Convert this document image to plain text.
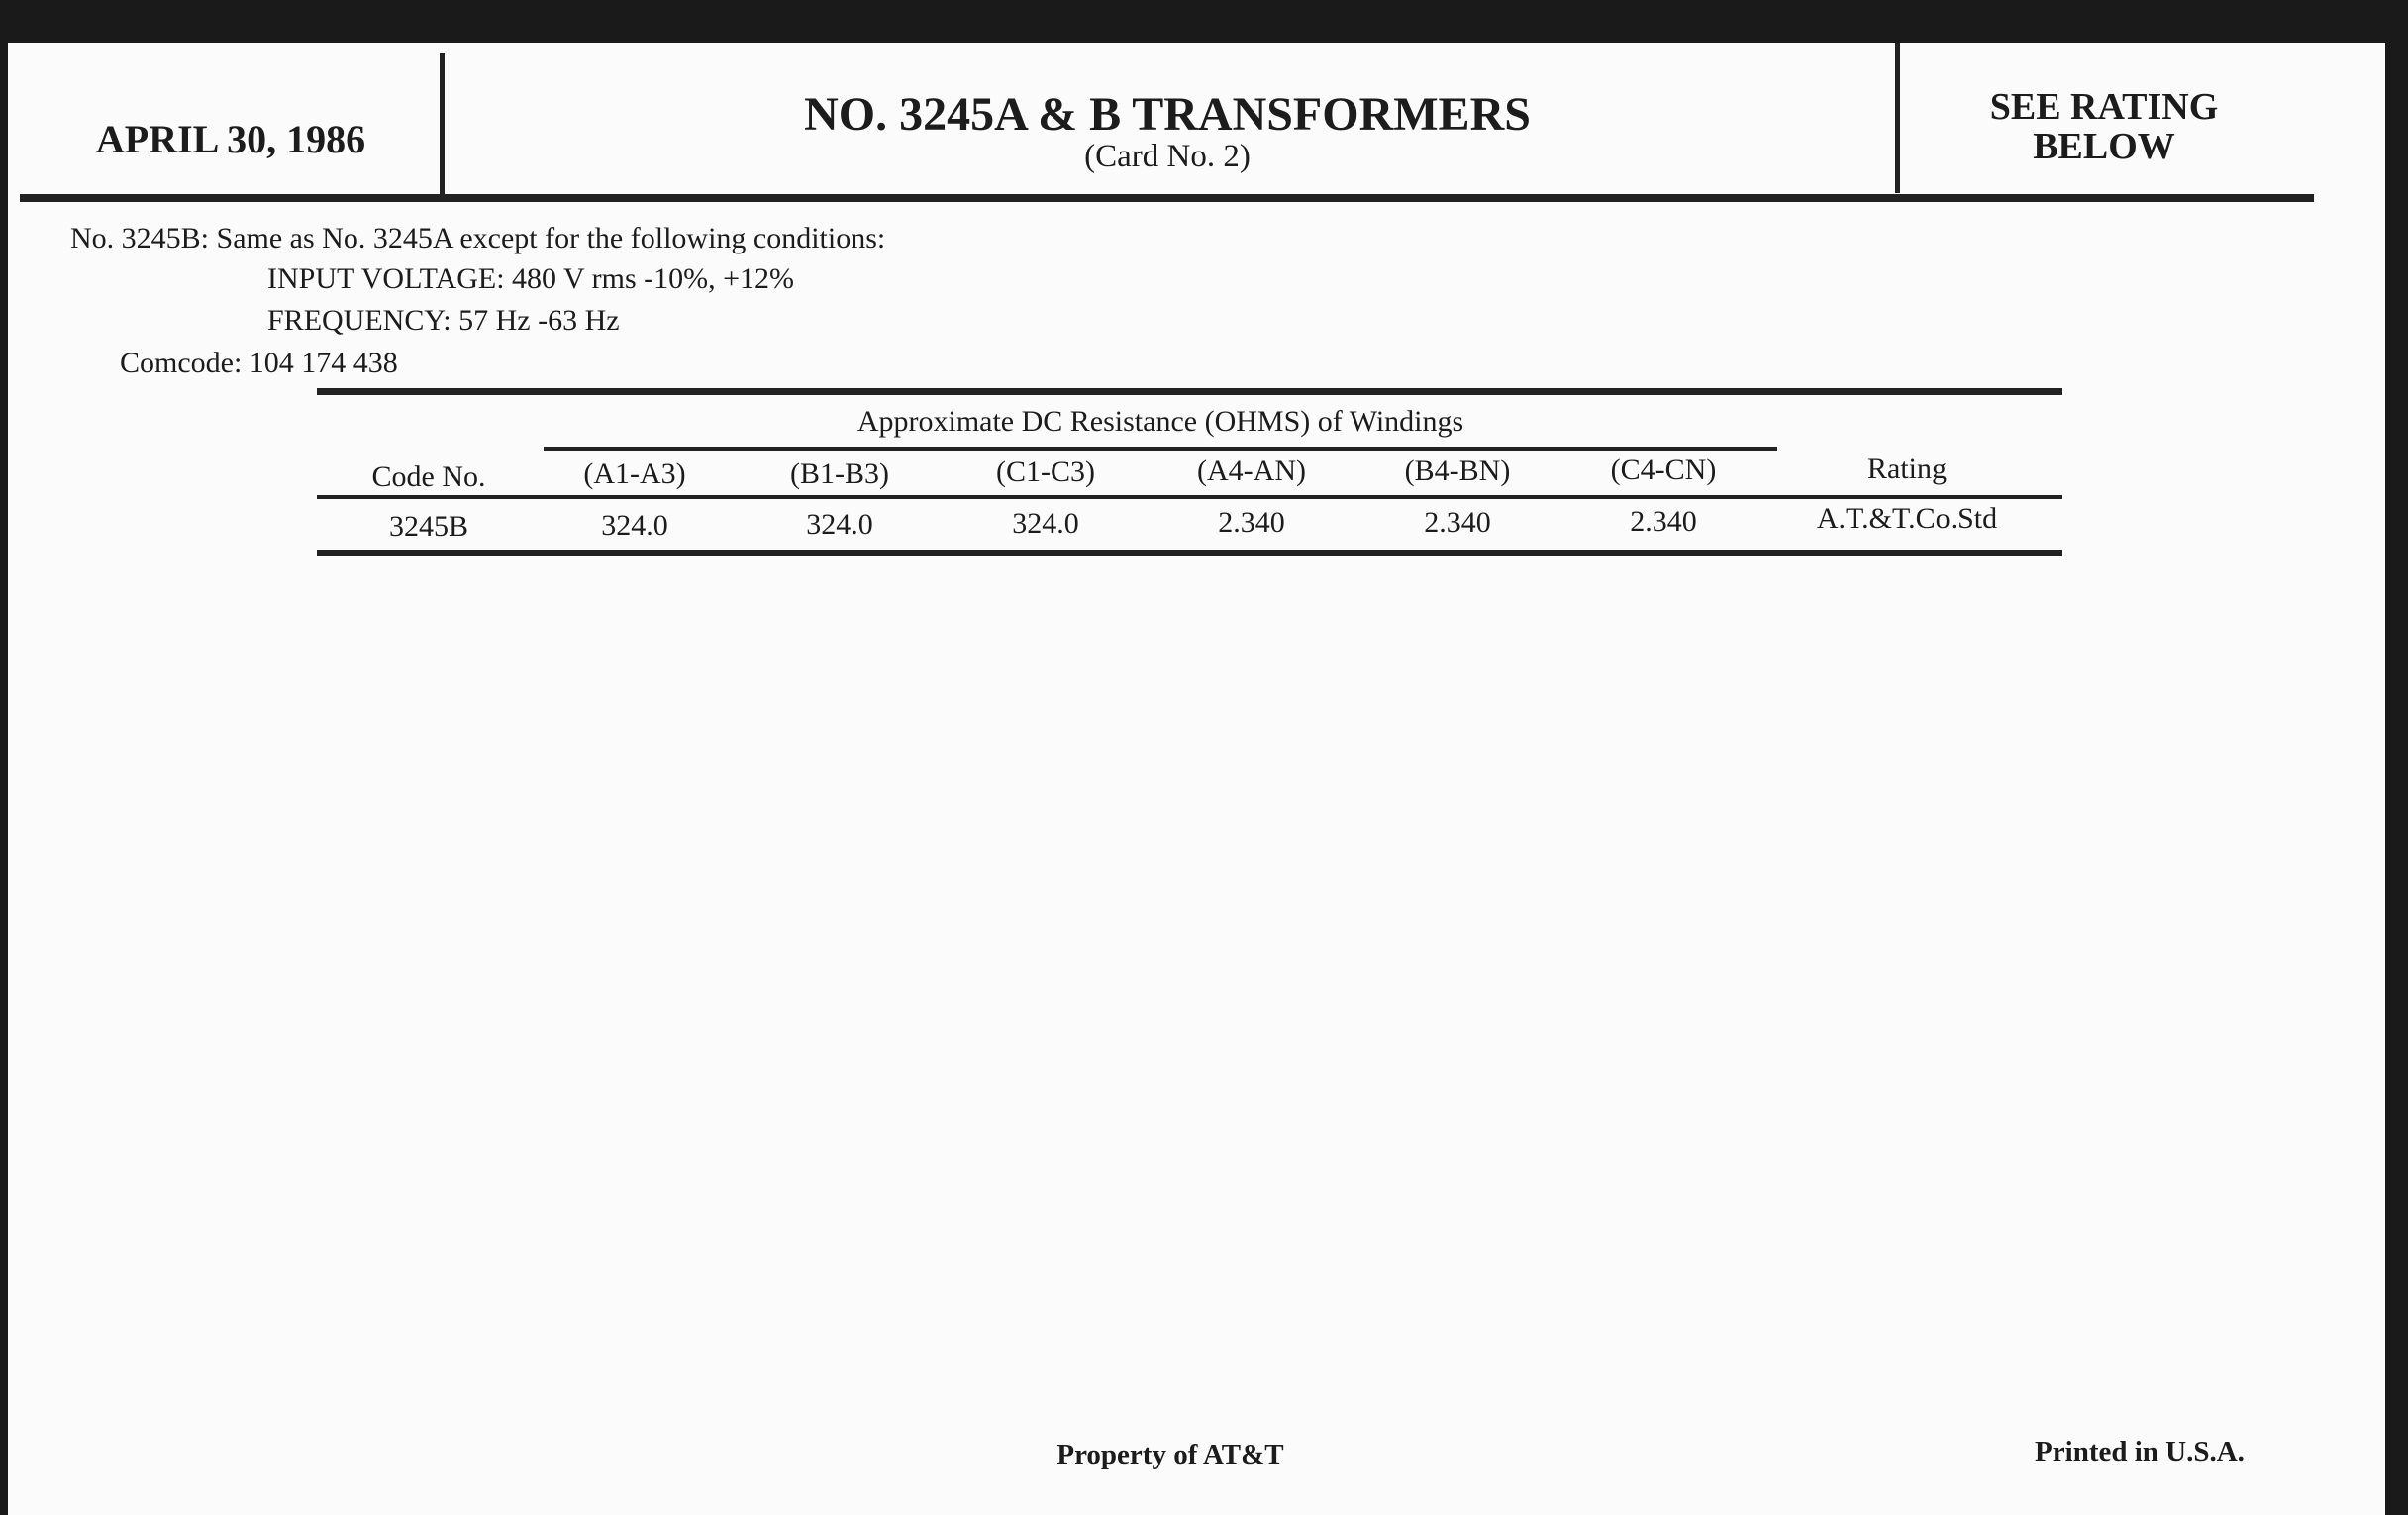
APRIL 30, 1986	NO. 3245A & B TRANSFORMERS
(Card No. 2)
SEE RATING
BELOW
No. 3245B: Same as No. 3245A except for the following conditions:
INPUT VOLTAGE: 480 V rms -10%, +12%
FREQUENCY: 57 Hz -63 Hz
Comcode: 104 174 438
Approximate DC Resistance (OHMS) of Windings
Code No.	(A1-A3)	(B1-B3)	(C1-C3)	(A4-AN)	(B4-BN)	(C4-CN)	Rating
3245B	324.0	324.0	324.0	2.340	2.340	2.340	A.T.&T.Co.Std
Property of AT&T	Printed in U.S.A.
